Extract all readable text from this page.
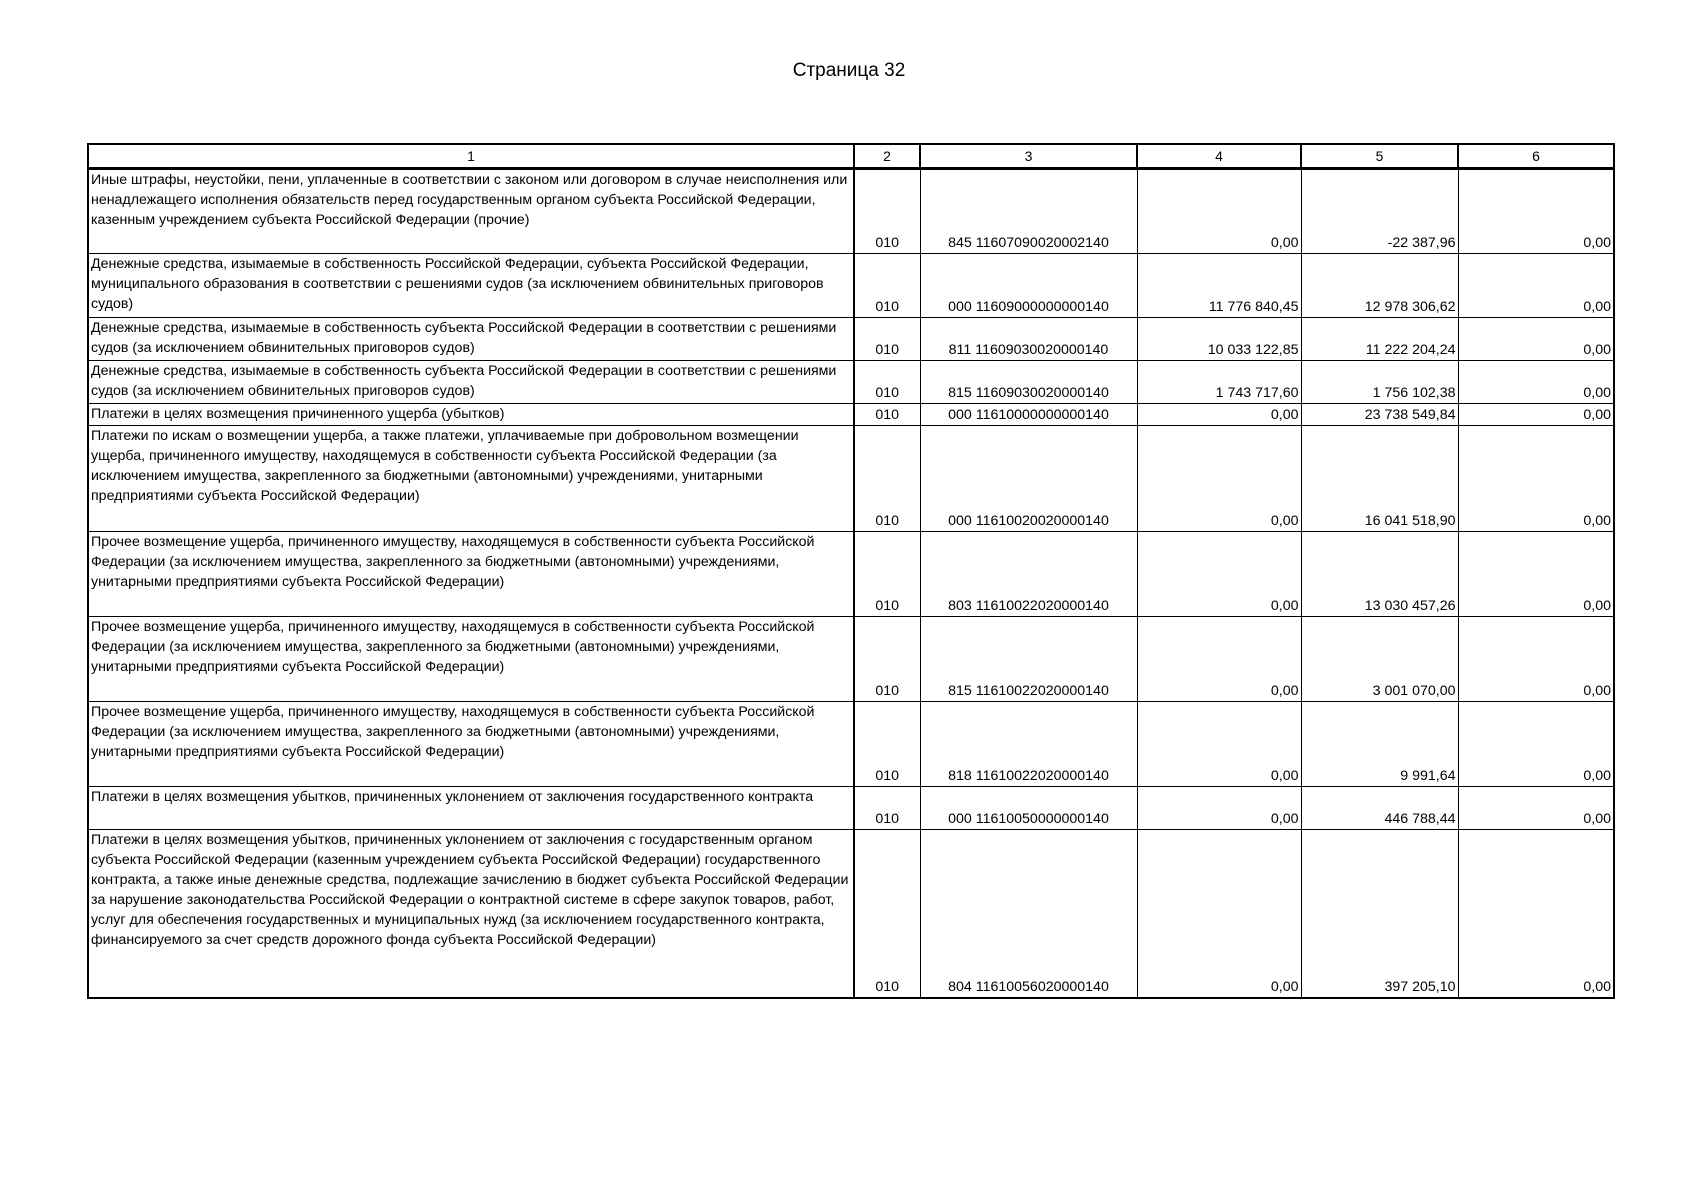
Страница 32
1	2	3	4	5	6
Иные штрафы, неустойки, пени, уплаченные в соответствии с законом или договором в случае неисполнения или ненадлежащего исполнения обязательств перед государственным органом субъекта Российской Федерации, казенным учреждением субъекта Российской Федерации (прочие)	010	845 11607090020002140	0,00	-22 387,96	0,00
Денежные средства, изымаемые в собственность Российской Федерации, субъекта Российской Федерации, муниципального образования в соответствии с решениями судов (за исключением обвинительных приговоров судов)	010	000 11609000000000140	11 776 840,45	12 978 306,62	0,00
Денежные средства, изымаемые в собственность субъекта Российской Федерации в соответствии с решениями судов (за исключением обвинительных приговоров судов)	010	811 11609030020000140	10 033 122,85	11 222 204,24	0,00
Денежные средства, изымаемые в собственность субъекта Российской Федерации в соответствии с решениями судов (за исключением обвинительных приговоров судов)	010	815 11609030020000140	1 743 717,60	1 756 102,38	0,00
Платежи в целях возмещения причиненного ущерба (убытков)	010	000 11610000000000140	0,00	23 738 549,84	0,00
Платежи по искам о возмещении ущерба, а также платежи, уплачиваемые при добровольном возмещении ущерба, причиненного имуществу, находящемуся в собственности субъекта Российской Федерации (за исключением имущества, закрепленного за бюджетными (автономными) учреждениями, унитарными предприятиями субъекта Российской Федерации)	010	000 11610020020000140	0,00	16 041 518,90	0,00
Прочее возмещение ущерба, причиненного имуществу, находящемуся в собственности субъекта Российской Федерации (за исключением имущества, закрепленного за бюджетными (автономными) учреждениями, унитарными предприятиями субъекта Российской Федерации)	010	803 11610022020000140	0,00	13 030 457,26	0,00
Прочее возмещение ущерба, причиненного имуществу, находящемуся в собственности субъекта Российской Федерации (за исключением имущества, закрепленного за бюджетными (автономными) учреждениями, унитарными предприятиями субъекта Российской Федерации)	010	815 11610022020000140	0,00	3 001 070,00	0,00
Прочее возмещение ущерба, причиненного имуществу, находящемуся в собственности субъекта Российской Федерации (за исключением имущества, закрепленного за бюджетными (автономными) учреждениями, унитарными предприятиями субъекта Российской Федерации)	010	818 11610022020000140	0,00	9 991,64	0,00
Платежи в целях возмещения убытков, причиненных уклонением от заключения государственного контракта	010	000 11610050000000140	0,00	446 788,44	0,00
Платежи в целях возмещения убытков, причиненных уклонением от заключения с государственным органом субъекта Российской Федерации (казенным учреждением субъекта Российской Федерации) государственного контракта, а также иные денежные средства, подлежащие зачислению в бюджет субъекта Российской Федерации за нарушение законодательства Российской Федерации о контрактной системе в сфере закупок товаров, работ, услуг для обеспечения государственных и муниципальных нужд (за исключением государственного контракта, финансируемого за счет средств дорожного фонда субъекта Российской Федерации)	010	804 11610056020000140	0,00	397 205,10	0,00
